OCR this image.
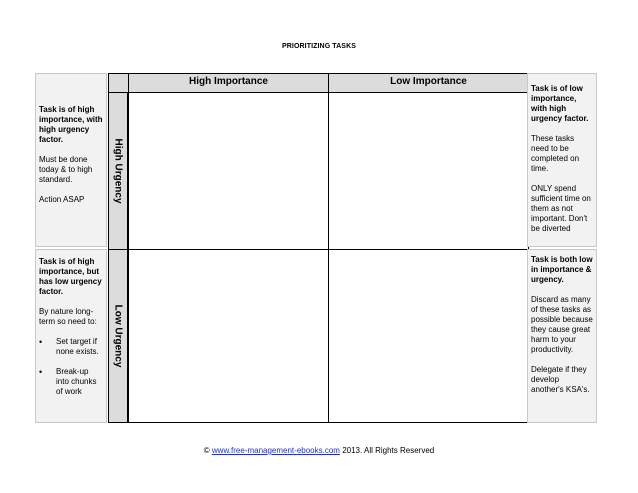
PRIORITIZING TASKS

Task is of high importance, with high urgency factor.

Must be done today & to high standard.

Action ASAP

Task is of high importance, but has low urgency factor.

By nature long-term so need to:

• Set target if none exists.
• Break-up into chunks of work
High Importance	Low Importance
High Urgency
Low Urgency

Task is of low importance, with high urgency factor.

These tasks need to be completed on time.

ONLY spend sufficient time on them as not important. Don't be diverted

Task is both low in importance & urgency.

Discard as many of these tasks as possible because they cause great harm to your productivity.

Delegate if they develop another's KSA's.

© www.free-management-ebooks.com 2013. All Rights Reserved
